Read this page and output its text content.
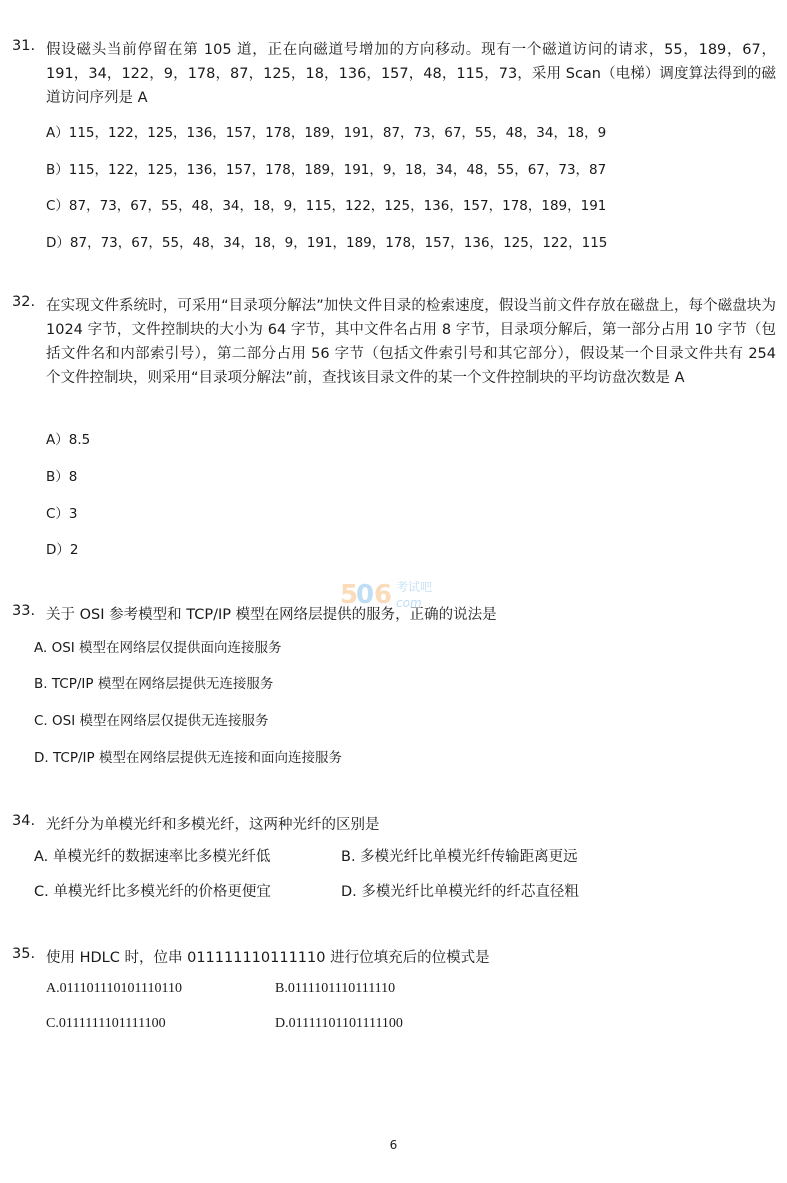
31. 假设磁头当前停留在第 105 道，正在向磁道号增加的方向移动。现有一个磁道访问的请求，55，189，67，191，34，122，9，178，87，125，18，136，157，48，115，73，采用 Scan（电梯）调度算法得到的磁道访问序列是 A
A）115，122，125，136，157，178，189，191，87，73，67，55，48，34，18，9
B）115，122，125，136，157，178，189，191，9，18，34，48，55，67，73，87
C）87，73，67，55，48，34，18，9，115，122，125，136，157，178，189，191
D）87，73，67，55，48，34，18，9，191，189，178，157，136，125，122，115
32. 在实现文件系统时，可采用“目录项分解法”加快文件目录的检索速度，假设当前文件存放在磁盘上，每个磁盘块为 1024 字节，文件控制块的大小为 64 字节，其中文件名占用 8 字节，目录项分解后，第一部分占用 10 字节（包括文件名和内部索引号），第二部分占用 56 字节（包括文件索引号和其它部分），假设某一个目录文件共有 254 个文件控制块，则采用“目录项分解法”前，查找该目录文件的某一个文件控制块的平均访盘次数是 A
A）8.5
B）8
C）3
D）2
5
0 6 考试吧
com
33. 关于 OSI 参考模型和 TCP/IP 模型在网络层提供的服务，正确的说法是
A. OSI 模型在网络层仅提供面向连接服务
B. TCP/IP 模型在网络层提供无连接服务
C. OSI 模型在网络层仅提供无连接服务
D. TCP/IP 模型在网络层提供无连接和面向连接服务
34. 光纤分为单模光纤和多模光纤，这两种光纤的区别是
A. 单模光纤的数据速率比多模光纤低	B. 多模光纤比单模光纤传输距离更远
C. 单模光纤比多模光纤的价格更便宜	D. 多模光纤比单模光纤的纤芯直径粗
35. 使用 HDLC 时，位串 011111110111110 进行位填充后的位模式是
A.011101110101110110	B.0111101110111110
C.0111111101111100	D.01111101101111100
6
